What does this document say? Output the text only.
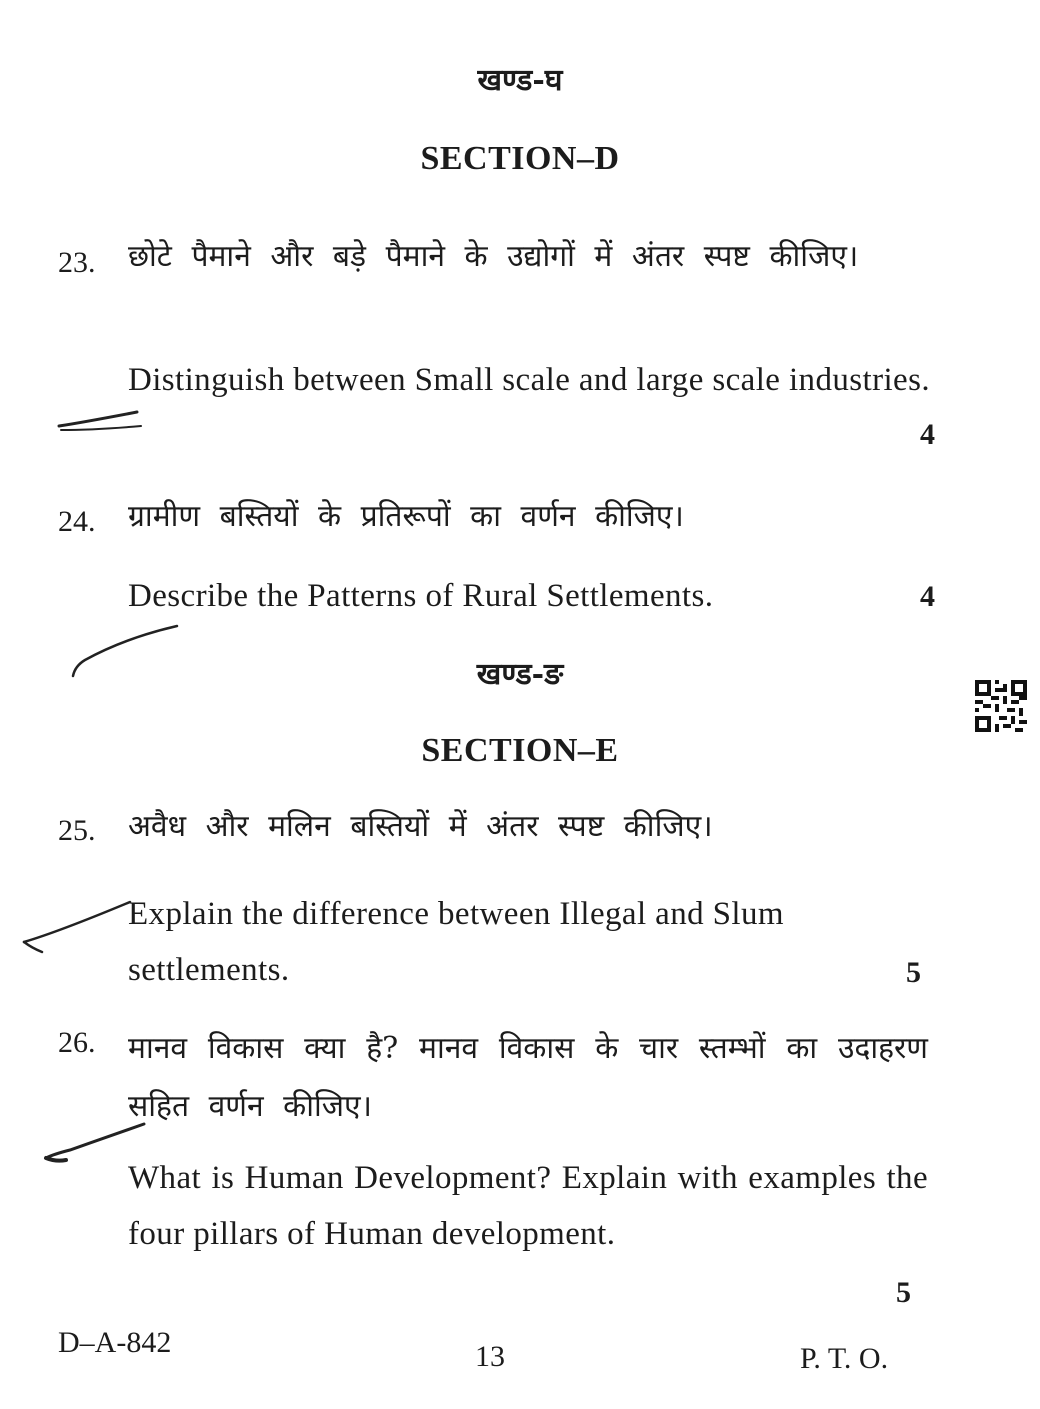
खण्ड-घ
SECTION–D
23. छोटे पैमाने और बड़े पैमाने के उद्योगों में अंतर स्पष्ट कीजिए।
Distinguish between Small scale and large scale industries.
4
24. ग्रामीण बस्तियों के प्रतिरूपों का वर्णन कीजिए।
Describe the Patterns of Rural Settlements.	4
खण्ड-ङ
SECTION–E
25. अवैध और मलिन बस्तियों में अंतर स्पष्ट कीजिए।
Explain the difference between Illegal and Slum settlements.	5
26. मानव विकास क्या है? मानव विकास के चार स्तम्भों का उदाहरण सहित वर्णन कीजिए।
What is Human Development? Explain with examples the four pillars of Human development.
5
D–A-842	13	P. T. O.
